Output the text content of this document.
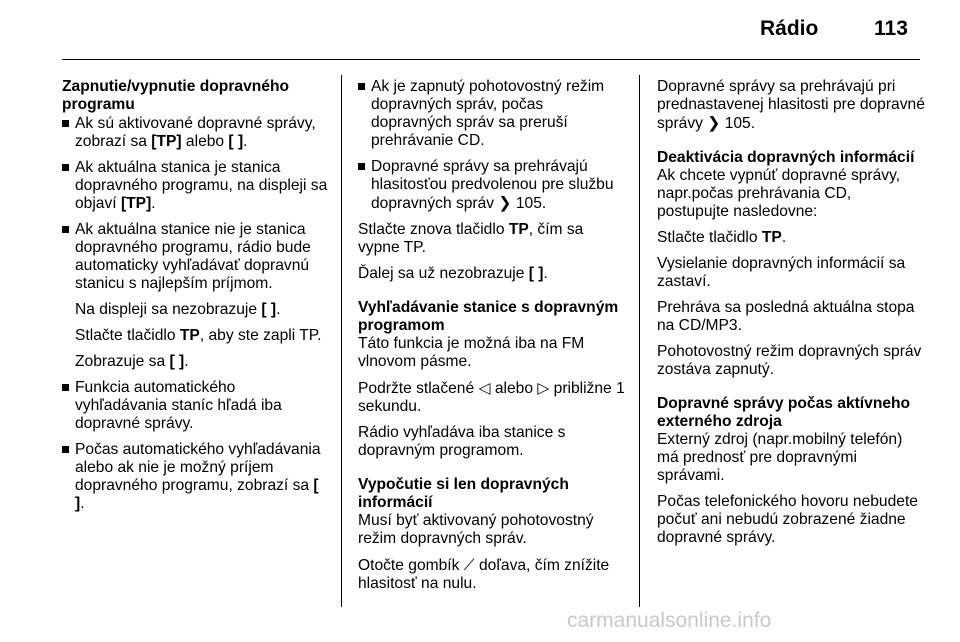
Rádio	113
Zapnutie/vypnutie dopravného programu
Ak sú aktivované dopravné správy, zobrazí sa [TP] alebo [ ].
Ak aktuálna stanica je stanica dopravného programu, na displeji sa objaví [TP].
Ak aktuálna stanice nie je stanica dopravného programu, rádio bude automaticky vyhľadávať dopravnú stanicu s najlepším príjmom.
Na displeji sa nezobrazuje [ ].
Stlačte tlačidlo TP, aby ste zapli TP.
Zobrazuje sa [ ].
Funkcia automatického vyhľadávania staníc hľadá iba dopravné správy.
Počas automatického vyhľadávania alebo ak nie je možný príjem dopravného programu, zobrazí sa [ ].
Ak je zapnutý pohotovostný režim dopravných správ, počas dopravných správ sa preruší prehrávanie CD.
Dopravné správy sa prehrávajú hlasitosťou predvolenou pre službu dopravných správ ❯ 105.

Stlačte znova tlačidlo TP, čím sa vypne TP.

Ďalej sa už nezobrazuje [ ].

Vyhľadávanie stanice s dopravným programom

Táto funkcia je možná iba na FM vlnovom pásme.

Podržte stlačené ◁ alebo ▷ približne 1 sekundu.

Rádio vyhľadáva iba stanice s dopravným programom.

Vypočutie si len dopravných informácií

Musí byť aktivovaný pohotovostný režim dopravných správ.

Otočte gombík ⟋ doľava, čím znížite hlasitosť na nulu.

Dopravné správy sa prehrávajú pri prednastavenej hlasitosti pre dopravné správy ❯ 105.

Deaktivácia dopravných informácií

Ak chcete vypnúť dopravné správy, napr.počas prehrávania CD, postupujte nasledovne:

Stlačte tlačidlo TP.

Vysielanie dopravných informácií sa zastaví.

Prehráva sa posledná aktuálna stopa na CD/MP3.

Pohotovostný režim dopravných správ zostáva zapnutý.

Dopravné správy počas aktívneho externého zdroja

Externý zdroj (napr.mobilný telefón) má prednosť pre dopravnými správami.

Počas telefonického hovoru nebudete počuť ani nebudú zobrazené žiadne dopravné správy.

carmanualsonline.info
